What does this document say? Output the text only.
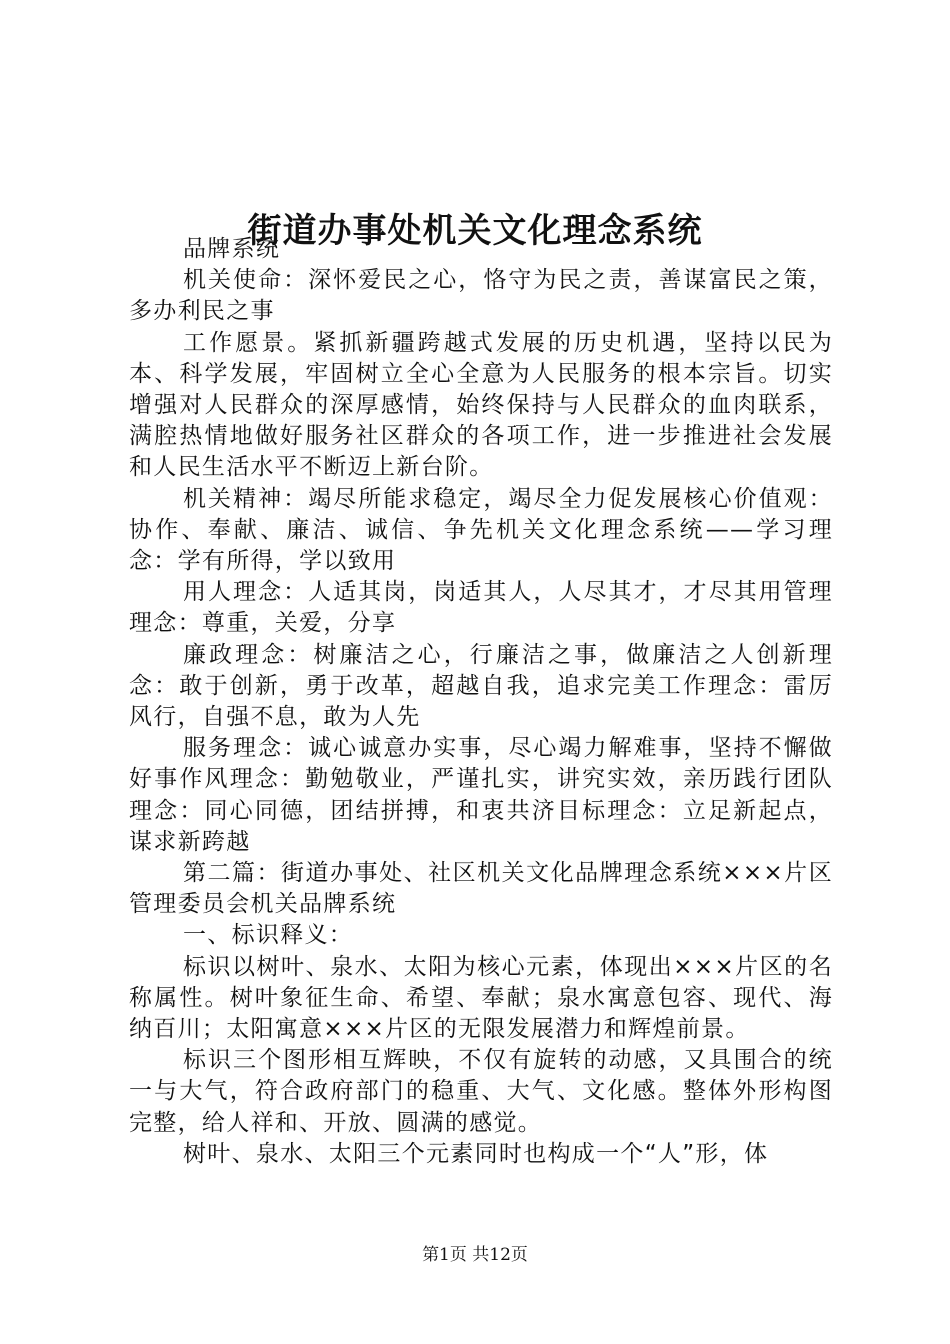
街道办事处机关文化理念系统

品牌系统

机关使命：深怀爱民之心，恪守为民之责，善谋富民之策，多办利民之事

工作愿景。紧抓新疆跨越式发展的历史机遇，坚持以民为本、科学发展，牢固树立全心全意为人民服务的根本宗旨。切实增强对人民群众的深厚感情，始终保持与人民群众的血肉联系，满腔热情地做好服务社区群众的各项工作，进一步推进社会发展和人民生活水平不断迈上新台阶。

机关精神：竭尽所能求稳定，竭尽全力促发展核心价值观：协作、奉献、廉洁、诚信、争先机关文化理念系统——学习理念：学有所得，学以致用

用人理念：人适其岗，岗适其人，人尽其才，才尽其用管理理念：尊重，关爱，分享

廉政理念：树廉洁之心，行廉洁之事，做廉洁之人创新理念：敢于创新，勇于改革，超越自我，追求完美工作理念：雷厉风行，自强不息，敢为人先

服务理念：诚心诚意办实事，尽心竭力解难事，坚持不懈做好事作风理念：勤勉敬业，严谨扎实，讲究实效，亲历践行团队理念：同心同德，团结拼搏，和衷共济目标理念：立足新起点，谋求新跨越

第二篇：街道办事处、社区机关文化品牌理念系统×××片区管理委员会机关品牌系统

一、标识释义：

标识以树叶、泉水、太阳为核心元素，体现出×××片区的名称属性。树叶象征生命、希望、奉献；泉水寓意包容、现代、海纳百川；太阳寓意×××片区的无限发展潜力和辉煌前景。

标识三个图形相互辉映，不仅有旋转的动感，又具围合的统一与大气，符合政府部门的稳重、大气、文化感。整体外形构图完整，给人祥和、开放、圆满的感觉。

树叶、泉水、太阳三个元素同时也构成一个“人”形，体

第1页 共12页
